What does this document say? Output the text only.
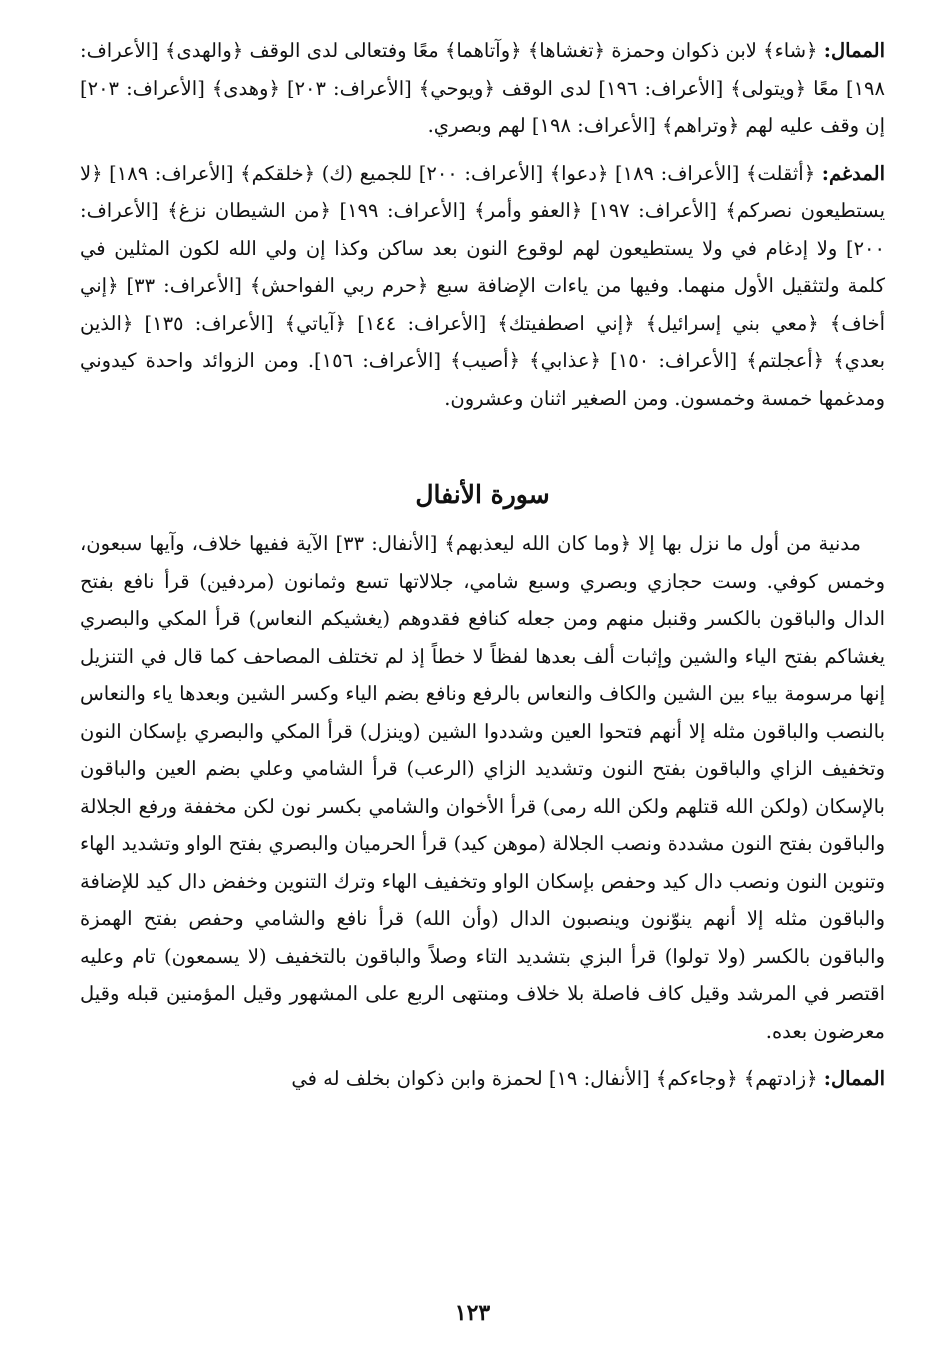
الممال: ﴿شاء﴾ لابن ذكوان وحمزة ﴿تغشاها﴾ ﴿وآتاهما﴾ معًا وفتعالى لدى الوقف ﴿والهدى﴾ [الأعراف: ١٩٨] معًا ﴿ويتولى﴾ [الأعراف: ١٩٦] لدى الوقف ﴿ويوحي﴾ [الأعراف: ٢٠٣] ﴿وهدى﴾ [الأعراف: ٢٠٣] إن وقف عليه لهم ﴿وتراهم﴾ [الأعراف: ١٩٨] لهم وبصري.

المدغم: ﴿أثقلت﴾ [الأعراف: ١٨٩] ﴿دعوا﴾ [الأعراف: ٢٠٠] للجميع (ك) ﴿خلقكم﴾ [الأعراف: ١٨٩] ﴿لا يستطيعون نصركم﴾ [الأعراف: ١٩٧] ﴿العفو وأمر﴾ [الأعراف: ١٩٩] ﴿من الشيطان نزغ﴾ [الأعراف: ٢٠٠] ولا إدغام في ولا يستطيعون لهم لوقوع النون بعد ساكن وكذا إن ولي الله لكون المثلين في كلمة ولتثقيل الأول منهما. وفيها من ياءات الإضافة سبع ﴿حرم ربي الفواحش﴾ [الأعراف: ٣٣] ﴿إني أخاف﴾ ﴿معي بني إسرائيل﴾ ﴿إني اصطفيتك﴾ [الأعراف: ١٤٤] ﴿آياتي﴾ [الأعراف: ١٣٥] ﴿الذين بعدي﴾ ﴿أعجلتم﴾ [الأعراف: ١٥٠] ﴿عذابي﴾ ﴿أصيب﴾ [الأعراف: ١٥٦]. ومن الزوائد واحدة كيدوني ومدغمها خمسة وخمسون. ومن الصغير اثنان وعشرون.

سورة الأنفال

مدنية من أول ما نزل بها إلا ﴿وما كان الله ليعذبهم﴾ [الأنفال: ٣٣] الآية ففيها خلاف، وآيها سبعون، وخمس كوفي. وست حجازي وبصري وسبع شامي، جلالاتها تسع وثمانون (مردفين) قرأ نافع بفتح الدال والباقون بالكسر وقنبل منهم ومن جعله كنافع فقدوهم (يغشيكم النعاس) قرأ المكي والبصري يغشاكم بفتح الياء والشين وإثبات ألف بعدها لفظاً لا خطاً إذ لم تختلف المصاحف كما قال في التنزيل إنها مرسومة بياء بين الشين والكاف والنعاس بالرفع ونافع بضم الياء وكسر الشين وبعدها ياء والنعاس بالنصب والباقون مثله إلا أنهم فتحوا العين وشددوا الشين (وينزل) قرأ المكي والبصري بإسكان النون وتخفيف الزاي والباقون بفتح النون وتشديد الزاي (الرعب) قرأ الشامي وعلي بضم العين والباقون بالإسكان (ولكن الله قتلهم ولكن الله رمى) قرأ الأخوان والشامي بكسر نون لكن مخففة ورفع الجلالة والباقون بفتح النون مشددة ونصب الجلالة (موهن كيد) قرأ الحرميان والبصري بفتح الواو وتشديد الهاء وتنوين النون ونصب دال كيد وحفص بإسكان الواو وتخفيف الهاء وترك التنوين وخفض دال كيد للإضافة والباقون مثله إلا أنهم ينوّنون وينصبون الدال (وأن الله) قرأ نافع والشامي وحفص بفتح الهمزة والباقون بالكسر (ولا تولوا) قرأ البزي بتشديد التاء وصلاً والباقون بالتخفيف (لا يسمعون) تام وعليه اقتصر في المرشد وقيل كاف فاصلة بلا خلاف ومنتهى الربع على المشهور وقيل المؤمنين قبله وقيل معرضون بعده.

الممال: ﴿زادتهم﴾ ﴿وجاءكم﴾ [الأنفال: ١٩] لحمزة وابن ذكوان بخلف له في

١٢٣
